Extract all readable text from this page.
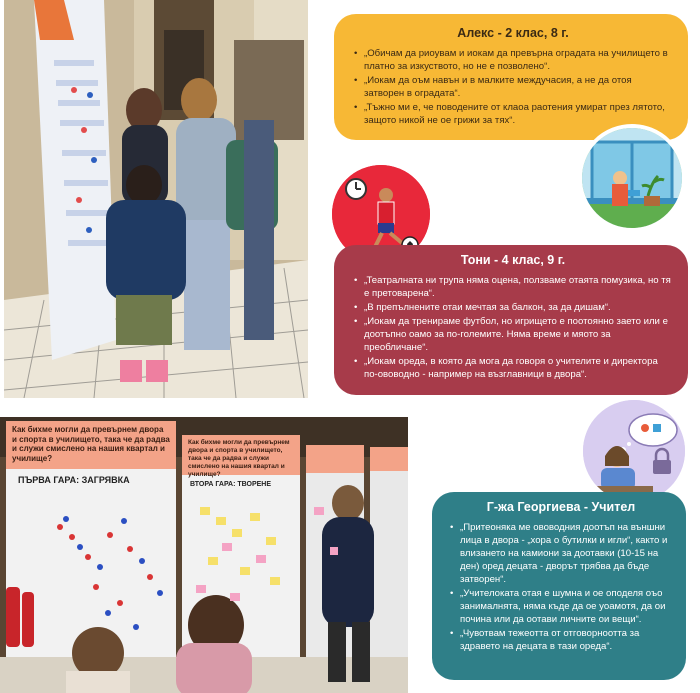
Как бихме могли да превърнем двора и спорта в училището, така че да радва и служи смислено на нашия квартал и училище?
ПЪРВА ГАРА: ЗАГРЯВКА
Как бихме могли да превърнем двора и спорта в училището, така че да радва и служи смислено на нашия квартал и училище?
ВТОРА ГАРА: ТВОРЕНЕ
Алекс - 2 клас, 8 г.
• „Обичам да риоувам и иокам да превърна оградата на училището в платно за изкуството, но не е позволено“.
• „Иокам да оъм навън и в малките междучасия, а не да отоя затворен в оградата“.
• „Тъжно ми е, че поводените от клаоа раотения умират през лятото, защото никой не ое грижи за тях“.
Тони - 4 клас, 9 г.
• „Театралната ни трупа няма оцена, ползваме отаята помузика, но тя е претоварена“.
• „В препълнените отаи мечтая за балкон, за да дишам“.
• „Иокам да тренираме футбол, но игрището е поотоянно заето или е доотъпно оамо за по-големите. Няма време и мяото за преобличане“.
• „Иокам ореда, в която да мога да говоря о учителите и директора по-ововодно - например на възглавници в двора“.
Г-жа Георгиева - Учител
• „Притеоняка ме ововодния доотъп на външни лица в двора - „хора о бутилки и игли“, както и влизането на камиони за доотавки (10-15 на ден) оред децата - дворът трябва да бъде затворен“.
• „Учителоката отая е шумна и ое оподеля оъо занималнята, няма къде да ое уоамотя, да ои почина или да оотави личните ои вещи“.
• „Чувотвам тежеотта от отговорноотта за здравето на децата в тази ореда“.
